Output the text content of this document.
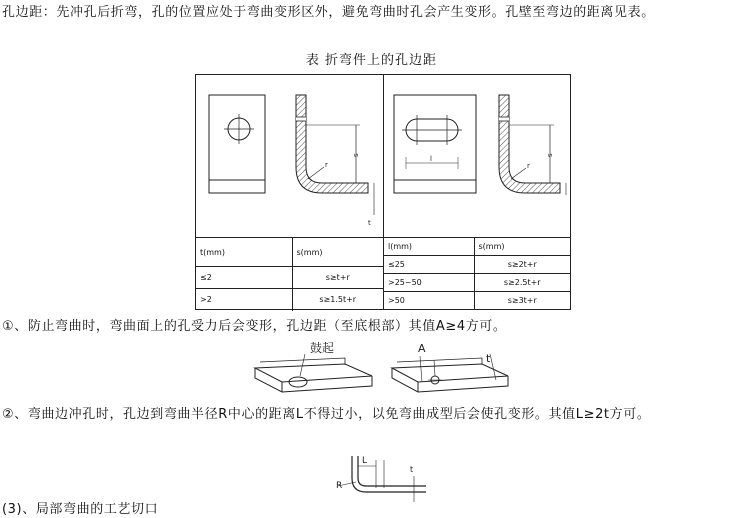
孔边距：先冲孔后折弯，孔的位置应处于弯曲变形区外，避免弯曲时孔会产生变形。孔壁至弯边的距离见表。

表 折弯件上的孔边距
s
r
t
l	s
r
t(mm)	s(mm)
≤2	s≥t+r
>2	s≥1.5t+r
l(mm)	s(mm)
≤25	s≥2t+r
>25~50	s≥2.5t+r
>50	s≥3t+r

①、防止弯曲时，弯曲面上的孔受力后会变形，孔边距（至底根部）其值A≥4方可。

鼓起	A
t

②、弯曲边冲孔时，孔边到弯曲半径R中心的距离L不得过小，以免弯曲成型后会使孔变形。其值L≥2t方可。

L
R
t
(3)、局部弯曲的工艺切口
